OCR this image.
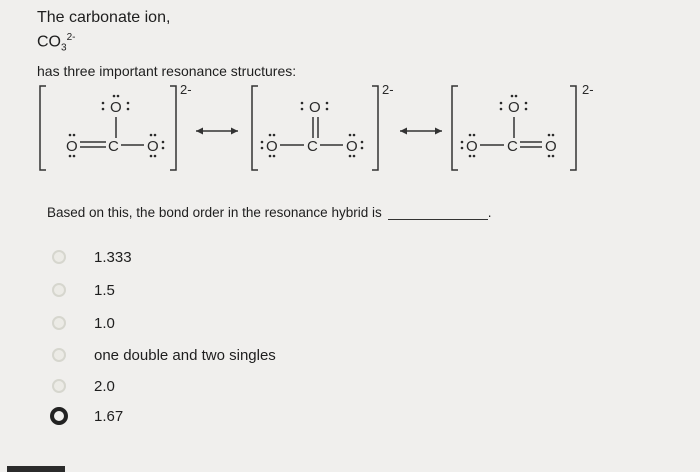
The carbonate ion,
$CO_3^{2-}$
has three important resonance structures:
2-
O
O C O
2-
O
O C O
2-
O
O C O
Based on this, the bond order in the resonance hybrid is	.
1.333
1.5
1.0
one double and two singles
2.0
1.67
